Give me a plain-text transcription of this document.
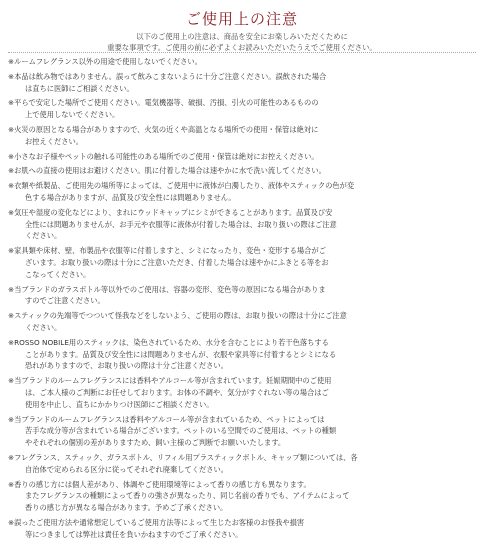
ご使用上の注意
以下のご使用上の注意は、商品を安全にお楽しみいただくために
重要な事項です。ご使用の前に必ずよくお読みいただいたうえでご使用ください。

※ルームフレグランス以外の用途で使用しないでください。

※本品は飲み物ではありません。誤って飲みこまないように十分ご注意ください。誤飲された場合

は直ちに医師にご相談ください。

※平らで安定した場所でご使用ください。電気機器等、破損、汚損、引火の可能性のあるものの

上で使用しないでください。

※火災の原因となる場合がありますので、火気の近くや高温となる場所での使用・保管は絶対に

お控えください。

※小さなお子様やペットの触れる可能性のある場所でのご使用・保管は絶対にお控えください。

※お肌への直接の使用はお避けください。肌に付着した場合は速やかに水で洗い流してください。

※衣類や紙製品、ご使用先の場所等によっては、ご使用中に液体が白濁したり、液体やスティックの色が変

色する場合がありますが、品質及び安全性には問題ありません。

※気圧や湿度の変化などにより、まれにウッドキャップにシミができることがあります。品質及び安

全性には問題ありませんが、お手元や衣服等に液体が付着した場合は、お取り扱いの際はご注意

ください。

※家具類や床材、壁、布製品や衣服等に付着しますと、シミになったり、変色・変形する場合がご

ざいます。お取り扱いの際は十分にご注意いただき、付着した場合は速やかにふきとる等をお

こなってください。

※当ブランドのガラスボトル等以外でのご使用は、容器の変形、変色等の原因になる場合がありま

すのでご注意ください。

※スティックの先端等でつついて怪我などをしないよう、ご使用の際は、お取り扱いの際は十分にご注意

ください。

※ROSSO NOBILE用のスティックは、染色されているため、水分を含むことにより若干色落ちする

ことがあります。品質及び安全性には問題ありませんが、衣服や家具等に付着するとシミになる

恐れがありますので、お取り扱いの際は十分ご注意ください。

※当ブランドのルームフレグランスには香料やアルコール等が含まれています。妊娠期間中のご使用

は、ご本人様のご判断にお任せしております。お体の不調や、気分がすぐれない等の場合はご

使用を中止し、直ちにかかりつけ医師にご相談ください。

※当ブランドのルームフレグランスは香料やアルコール等が含まれているため、ペットによっては

苦手な成分等が含まれている場合がございます。ペットのいる空間でのご使用は、ペットの種類

やそれぞれの個別の差がありますため、飼い主様のご判断でお願いいたします。

※フレグランス、スティック、ガラスボトル、リフィル用プラスティックボトル、キャップ類については、各

自治体で定められる区分に従ってそれぞれ廃棄してください。

※香りの感じ方には個人差があり、体調やご使用環境等によって香りの感じ方も異なります。

またフレグランスの種類によって香りの強さが異なったり、同じ名前の香りでも、アイテムによって

香りの感じ方が異なる場合があります。予めご了承ください。

※誤ったご使用方法や通常想定しているご使用方法等によって生じたお客様のお怪我や損害

等につきましては弊社は責任を負いかねますのでご了承ください。
